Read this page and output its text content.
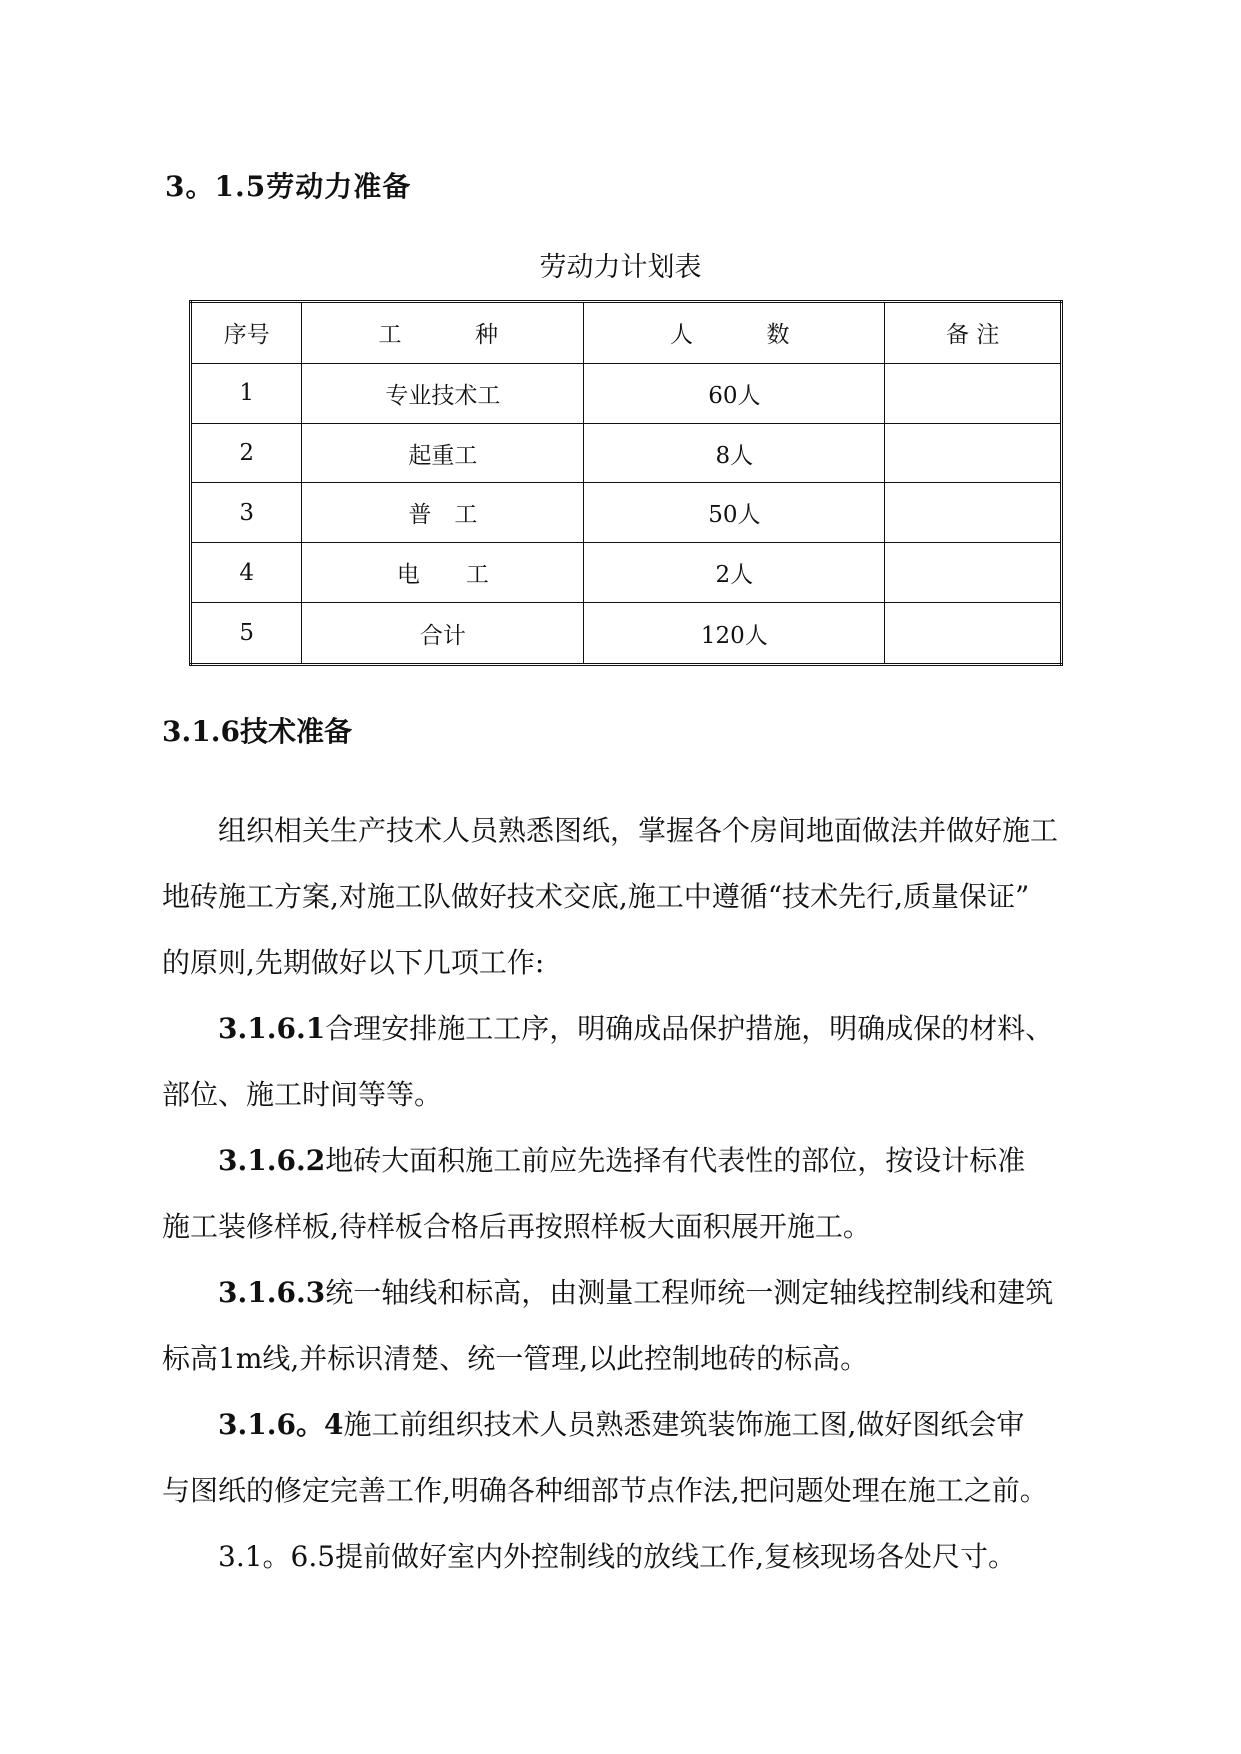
3。1.5劳动力准备
劳动力计划表
序号	工　　种	人　　数	备 注
1	专业技术工	60人	
2	起重工	8人	
3	普　工	50人	
4	电　　工	2人	
5	合计	120人	
3.1.6技术准备
组织相关生产技术人员熟悉图纸，掌握各个房间地面做法并做好施工
地砖施工方案,对施工队做好技术交底,施工中遵循“技术先行,质量保证”
的原则,先期做好以下几项工作:
3.1.6.1合理安排施工工序，明确成品保护措施，明确成保的材料、
部位、施工时间等等。
3.1.6.2地砖大面积施工前应先选择有代表性的部位，按设计标准
施工装修样板,待样板合格后再按照样板大面积展开施工。
3.1.6.3统一轴线和标高，由测量工程师统一测定轴线控制线和建筑
标高1m线,并标识清楚、统一管理,以此控制地砖的标高。
3.1.6。4施工前组织技术人员熟悉建筑装饰施工图,做好图纸会审
与图纸的修定完善工作,明确各种细部节点作法,把问题处理在施工之前。
3.1。6.5提前做好室内外控制线的放线工作,复核现场各处尺寸。
